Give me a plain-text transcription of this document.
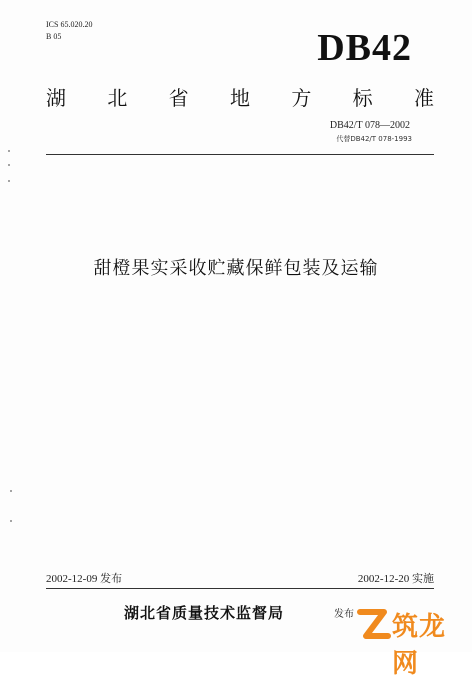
ICS 65.020.20
B 05	DB42
湖 北 省 地 方 标 准
DB42/T 078—2002
代替DB42/T 078-1993
甜橙果实采收贮藏保鲜包装及运输
2002-12-09 发布	2002-12-20 实施
湖北省质量技术监督局	发布 筑龙网
